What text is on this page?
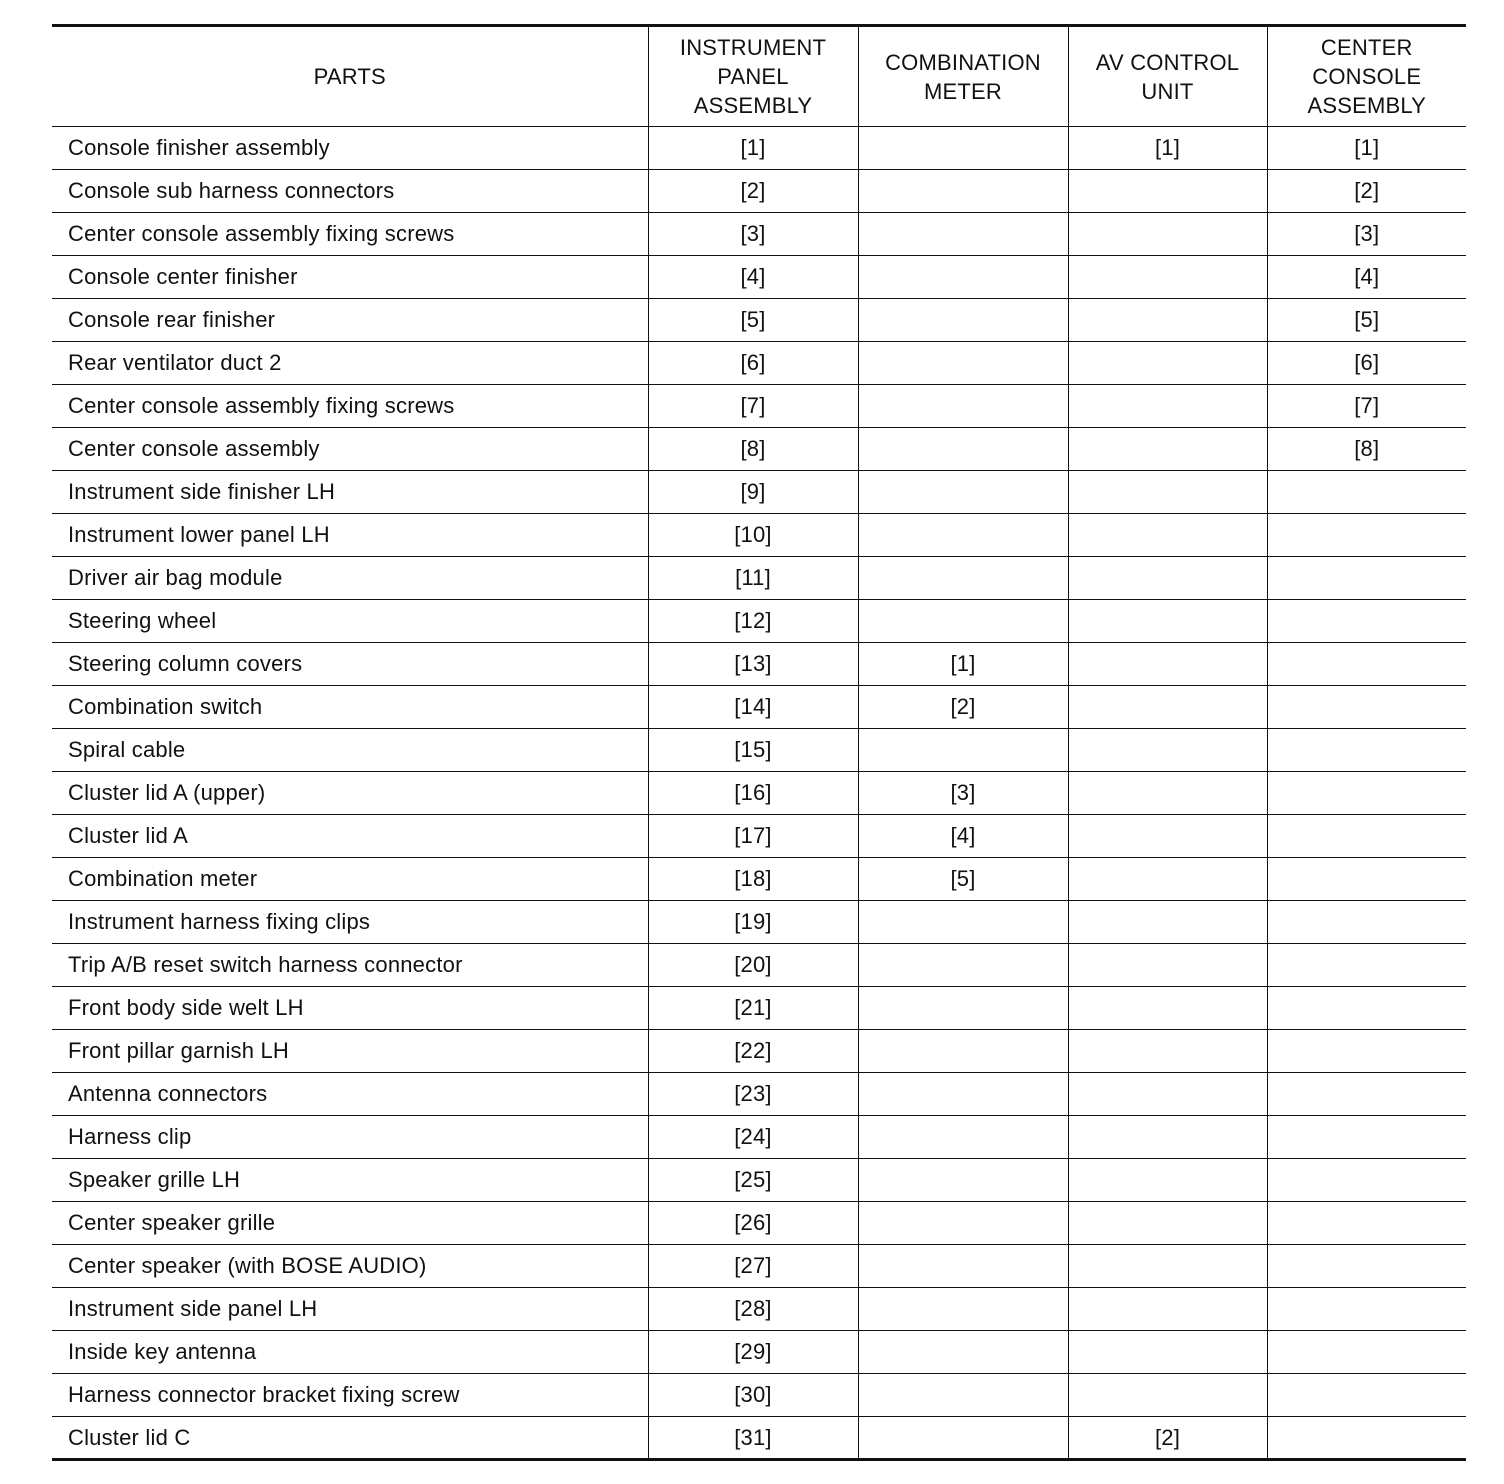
PARTS	INSTRUMENT
PANEL
ASSEMBLY	COMBINATION
METER	AV CONTROL
UNIT	CENTER
CONSOLE
ASSEMBLY

Console finisher assembly	[1]		[1]	[1]
Console sub harness connectors	[2]			[2]
Center console assembly fixing screws	[3]			[3]
Console center finisher	[4]			[4]
Console rear finisher	[5]			[5]
Rear ventilator duct 2	[6]			[6]
Center console assembly fixing screws	[7]			[7]
Center console assembly	[8]			[8]
Instrument side finisher LH	[9]			
Instrument lower panel LH	[10]			
Driver air bag module	[11]			
Steering wheel	[12]			
Steering column covers	[13]	[1]		
Combination switch	[14]	[2]		
Spiral cable	[15]			
Cluster lid A (upper)	[16]	[3]		
Cluster lid A	[17]	[4]		
Combination meter	[18]	[5]		
Instrument harness fixing clips	[19]			
Trip A/B reset switch harness connector	[20]			
Front body side welt LH	[21]			
Front pillar garnish LH	[22]			
Antenna connectors	[23]			
Harness clip	[24]			
Speaker grille LH	[25]			
Center speaker grille	[26]			
Center speaker (with BOSE AUDIO)	[27]			
Instrument side panel LH	[28]			
Inside key antenna	[29]			
Harness connector bracket fixing screw	[30]			
Cluster lid C	[31]		[2]	
